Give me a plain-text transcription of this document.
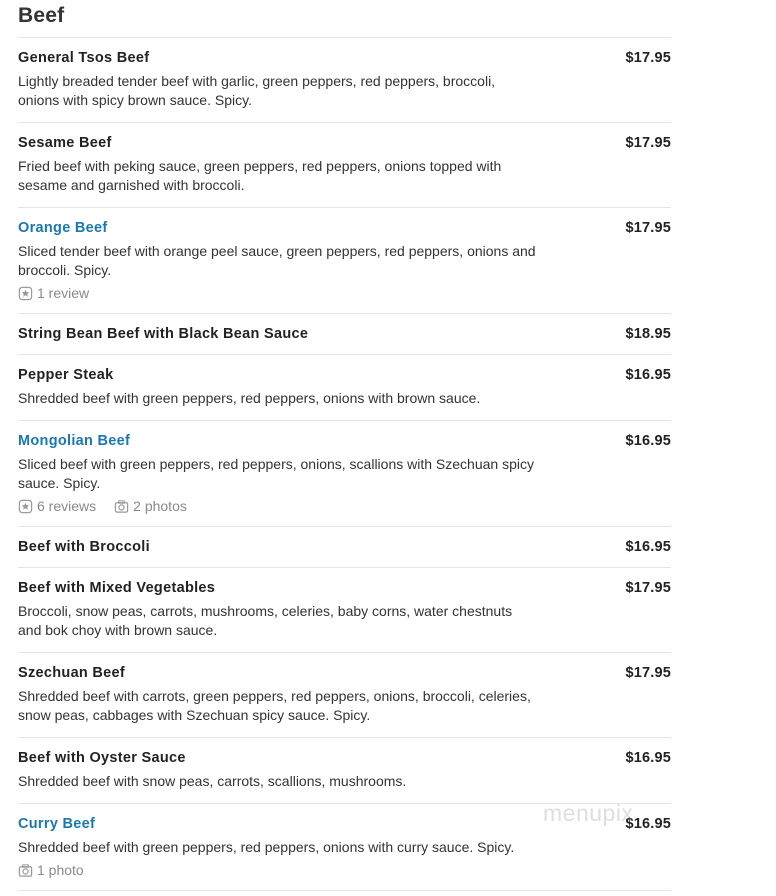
Beef
General Tsos Beef	$17.95
Lightly breaded tender beef with garlic, green peppers, red peppers, broccoli, onions with spicy brown sauce. Spicy.
Sesame Beef	$17.95
Fried beef with peking sauce, green peppers, red peppers, onions topped with sesame and garnished with broccoli.
Orange Beef	$17.95
Sliced tender beef with orange peel sauce, green peppers, red peppers, onions and broccoli. Spicy.
1 review
String Bean Beef with Black Bean Sauce	$18.95
Pepper Steak	$16.95
Shredded beef with green peppers, red peppers, onions with brown sauce.
Mongolian Beef	$16.95
Sliced beef with green peppers, red peppers, onions, scallions with Szechuan spicy sauce. Spicy.
6 reviews	2 photos
Beef with Broccoli	$16.95
Beef with Mixed Vegetables	$17.95
Broccoli, snow peas, carrots, mushrooms, celeries, baby corns, water chestnuts and bok choy with brown sauce.
Szechuan Beef	$17.95
Shredded beef with carrots, green peppers, red peppers, onions, broccoli, celeries, snow peas, cabbages with Szechuan spicy sauce. Spicy.
Beef with Oyster Sauce	$16.95
Shredded beef with snow peas, carrots, scallions, mushrooms.
Curry Beef	$16.95
Shredded beef with green peppers, red peppers, onions with curry sauce. Spicy.
1 photo
menupix
